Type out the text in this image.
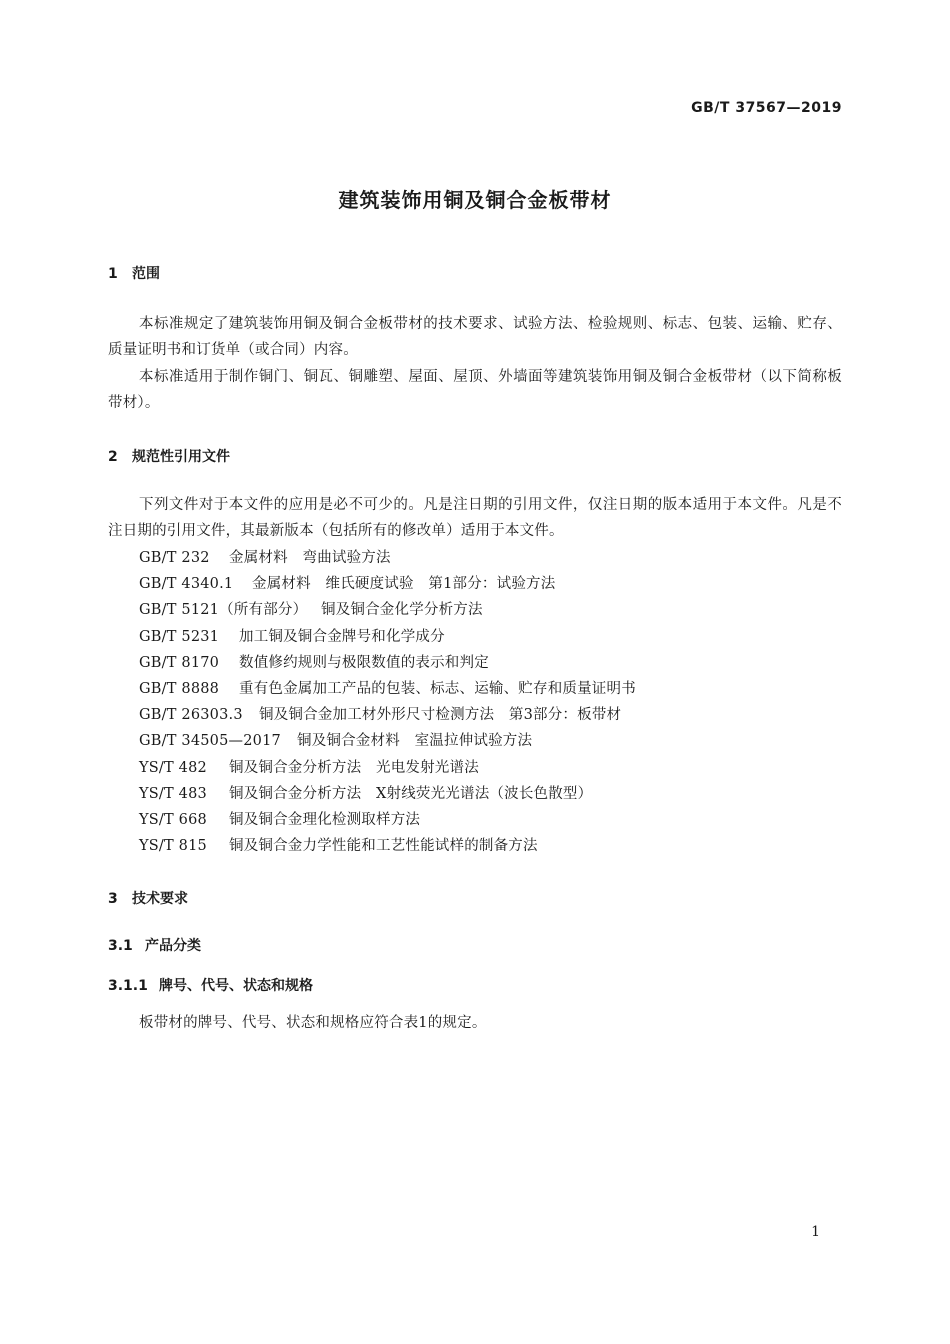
GB/T 37567—2019
建筑装饰用铜及铜合金板带材
1 范围

本标准规定了建筑装饰用铜及铜合金板带材的技术要求、试验方法、检验规则、标志、包装、运输、贮存、质量证明书和订货单（或合同）内容。

本标准适用于制作铜门、铜瓦、铜雕塑、屋面、屋顶、外墙面等建筑装饰用铜及铜合金板带材（以下简称板带材）。

2 规范性引用文件

下列文件对于本文件的应用是必不可少的。凡是注日期的引用文件，仅注日期的版本适用于本文件。凡是不注日期的引用文件，其最新版本（包括所有的修改单）适用于本文件。

GB/T 232 金属材料　弯曲试验方法
GB/T 4340.1 金属材料　维氏硬度试验　第1部分：试验方法
GB/T 5121（所有部分） 铜及铜合金化学分析方法
GB/T 5231 加工铜及铜合金牌号和化学成分
GB/T 8170 数值修约规则与极限数值的表示和判定
GB/T 8888 重有色金属加工产品的包装、标志、运输、贮存和质量证明书
GB/T 26303.3 铜及铜合金加工材外形尺寸检测方法　第3部分：板带材
GB/T 34505—2017 铜及铜合金材料　室温拉伸试验方法
YS/T 482 铜及铜合金分析方法　光电发射光谱法
YS/T 483 铜及铜合金分析方法　X射线荧光光谱法（波长色散型）
YS/T 668 铜及铜合金理化检测取样方法
YS/T 815 铜及铜合金力学性能和工艺性能试样的制备方法
3 技术要求
3.1 产品分类
3.1.1 牌号、代号、状态和规格

板带材的牌号、代号、状态和规格应符合表1的规定。

1
